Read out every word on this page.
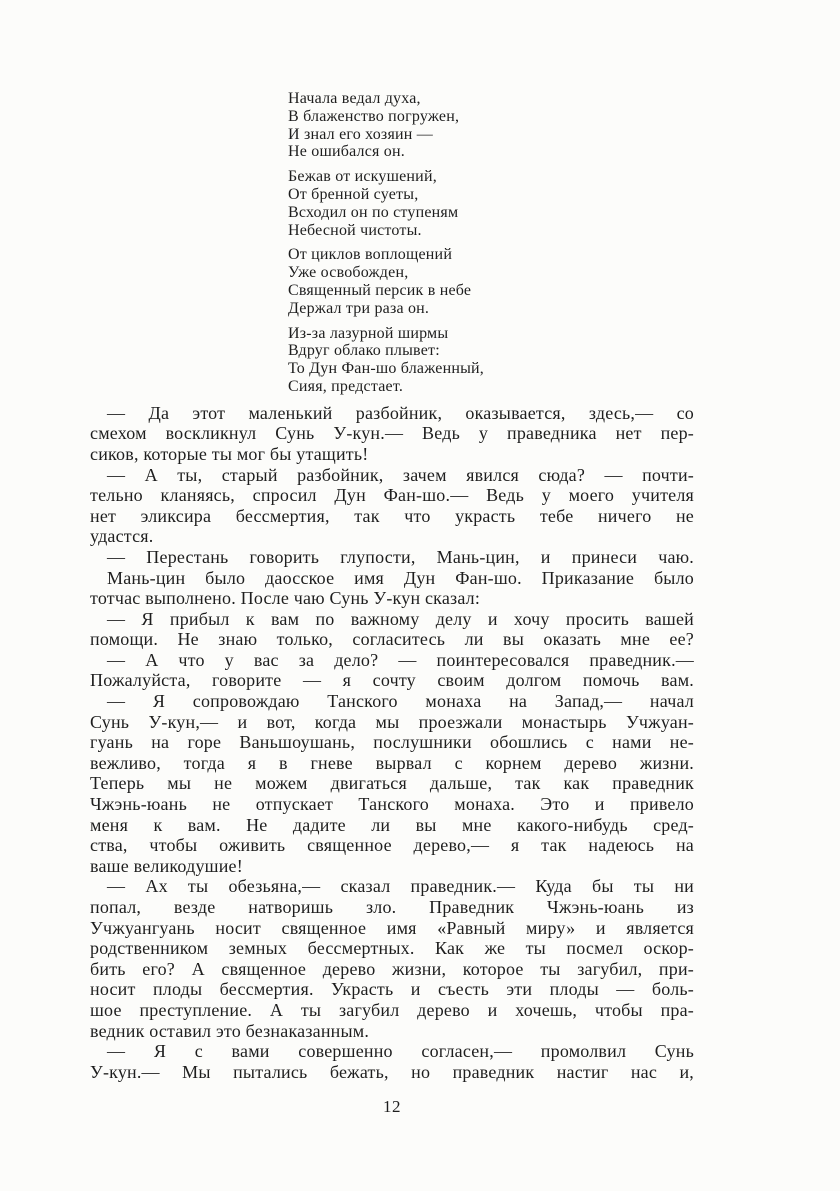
Начала ведал духа,
В блаженство погружен,
И знал его хозяин —
Не ошибался он.
Бежав от искушений,
От бренной суеты,
Всходил он по ступеням
Небесной чистоты.
От циклов воплощений
Уже освобожден,
Священный персик в небе
Держал три раза он.
Из-за лазурной ширмы
Вдруг облако плывет:
То Дун Фан-шо блаженный,
Сияя, предстает.
— Да этот маленький разбойник, оказывается, здесь,— со
смехом воскликнул Сунь У-кун.— Ведь у праведника нет пер-
сиков, которые ты мог бы утащить!
— А ты, старый разбойник, зачем явился сюда? — почти-
тельно кланяясь, спросил Дун Фан-шо.— Ведь у моего учителя
нет эликсира бессмертия, так что украсть тебе ничего не
удастся.
— Перестань говорить глупости, Мань-цин, и принеси чаю.
Мань-цин было даосское имя Дун Фан-шо. Приказание было
тотчас выполнено. После чаю Сунь У-кун сказал:
— Я прибыл к вам по важному делу и хочу просить вашей
помощи. Не знаю только, согласитесь ли вы оказать мне ее?
— А что у вас за дело? — поинтересовался праведник.—
Пожалуйста, говорите — я сочту своим долгом помочь вам.
— Я сопровождаю Танского монаха на Запад,— начал
Сунь У-кун,— и вот, когда мы проезжали монастырь Учжуан-
гуань на горе Ваньшоушань, послушники обошлись с нами не-
вежливо, тогда я в гневе вырвал с корнем дерево жизни.
Теперь мы не можем двигаться дальше, так как праведник
Чжэнь-юань не отпускает Танского монаха. Это и привело
меня к вам. Не дадите ли вы мне какого-нибудь сред-
ства, чтобы оживить священное дерево,— я так надеюсь на
ваше великодушие!
— Ах ты обезьяна,— сказал праведник.— Куда бы ты ни
попал, везде натворишь зло. Праведник Чжэнь-юань из
Учжуангуань носит священное имя «Равный миру» и является
родственником земных бессмертных. Как же ты посмел оскор-
бить его? А священное дерево жизни, которое ты загубил, при-
носит плоды бессмертия. Украсть и съесть эти плоды — боль-
шое преступление. А ты загубил дерево и хочешь, чтобы пра-
ведник оставил это безнаказанным.
— Я с вами совершенно согласен,— промолвил Сунь
У-кун.— Мы пытались бежать, но праведник настиг нас и,
12
